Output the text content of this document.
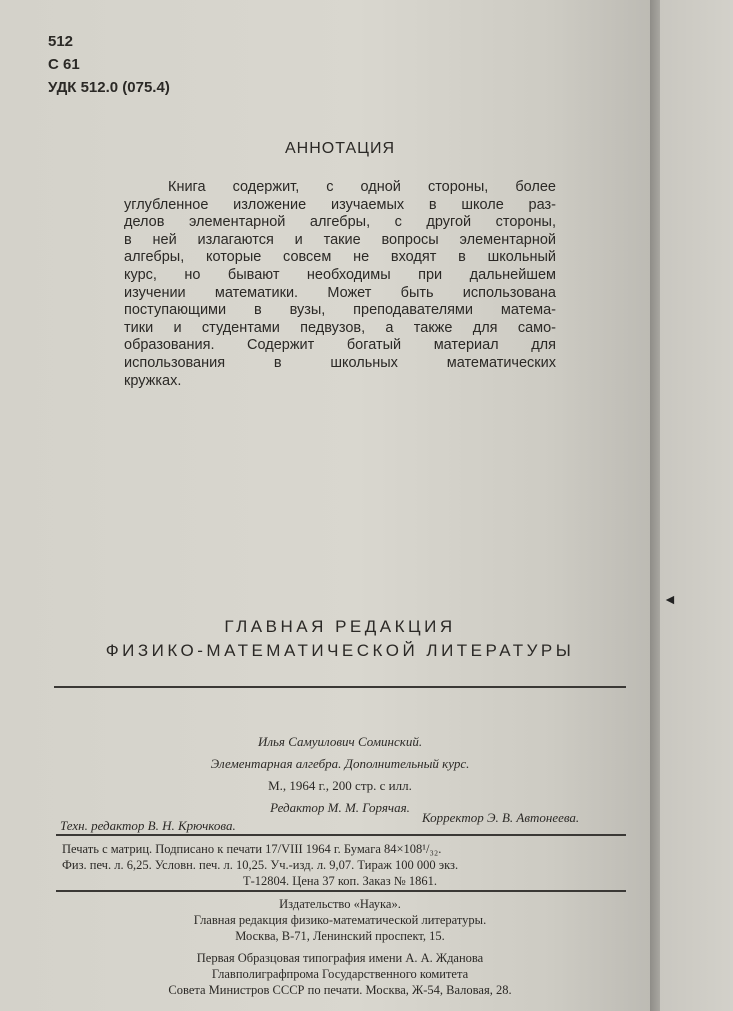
512
С 61
УДК 512.0 (075.4)
АННОТАЦИЯ
Книга содержит, с одной стороны, более
углубленное изложение изучаемых в школе раз-
делов элементарной алгебры, с другой стороны,
в ней излагаются и такие вопросы элементарной
алгебры, которые совсем не входят в школьный
курс, но бывают необходимы при дальнейшем
изучении математики. Может быть использована
поступающими в вузы, преподавателями матема-
тики и студентами педвузов, а также для само-
образования. Содержит богатый материал для
использования в школьных математических
кружках.
ГЛАВНАЯ РЕДАКЦИЯ
ФИЗИКО-МАТЕМАТИЧЕСКОЙ ЛИТЕРАТУРЫ
Илья Самуилович Соминский.
Элементарная алгебра. Дополнительный курс.
М., 1964 г., 200 стр. с илл.
Редактор М. М. Горячая.
Техн. редактор В. Н. Крючкова.
Корректор Э. В. Автонеева.
Печать с матриц. Подписано к печати 17/VIII 1964 г. Бумага 84×108¹/₃₂.
Физ. печ. л. 6,25. Условн. печ. л. 10,25. Уч.-изд. л. 9,07. Тираж 100 000 экз.
Т-12804. Цена 37 коп. Заказ № 1861.
Издательство «Наука».
Главная редакция физико-математической литературы.
Москва, В-71, Ленинский проспект, 15.
Первая Образцовая типография имени А. А. Жданова
Главполиграфпрома Государственного комитета
Совета Министров СССР по печати. Москва, Ж-54, Валовая, 28.
◄
